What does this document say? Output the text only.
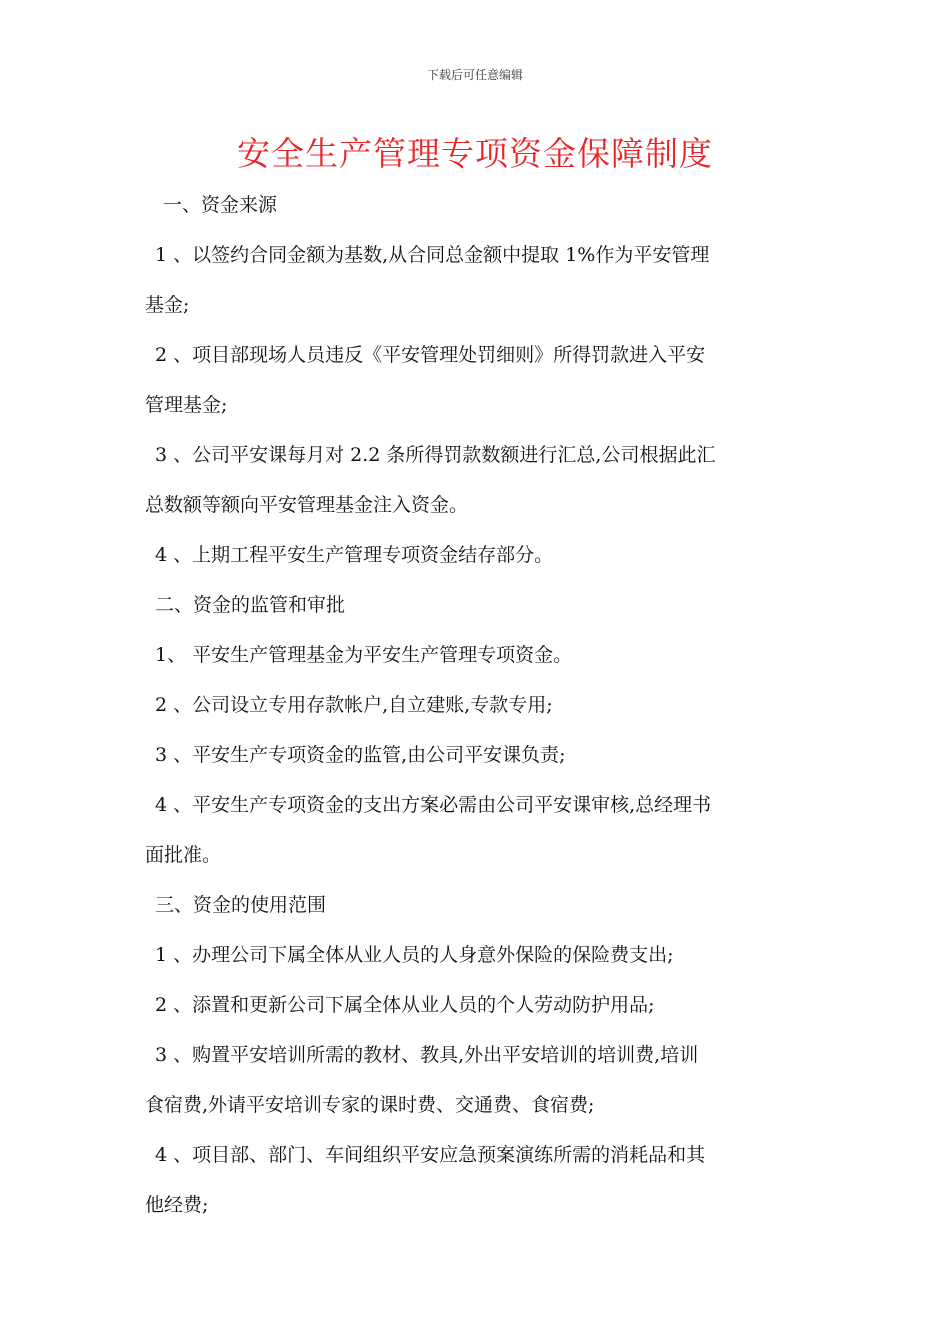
下载后可任意编辑
安全生产管理专项资金保障制度
一、资金来源
1 、以签约合同金额为基数,从合同总金额中提取 1%作为平安管理
基金;
2 、项目部现场人员违反《平安管理处罚细则》所得罚款进入平安
管理基金;
3 、公司平安课每月对 2.2 条所得罚款数额进行汇总,公司根据此汇
总数额等额向平安管理基金注入资金。
4 、上期工程平安生产管理专项资金结存部分。
二、资金的监管和审批
1、 平安生产管理基金为平安生产管理专项资金。
2 、公司设立专用存款帐户,自立建账,专款专用;
3 、平安生产专项资金的监管,由公司平安课负责;
4 、平安生产专项资金的支出方案必需由公司平安课审核,总经理书
面批准。
三、资金的使用范围
1 、办理公司下属全体从业人员的人身意外保险的保险费支出;
2 、添置和更新公司下属全体从业人员的个人劳动防护用品;
3 、购置平安培训所需的教材、教具,外出平安培训的培训费,培训
食宿费,外请平安培训专家的课时费、交通费、食宿费;
4 、项目部、部门、车间组织平安应急预案演练所需的消耗品和其
他经费;
